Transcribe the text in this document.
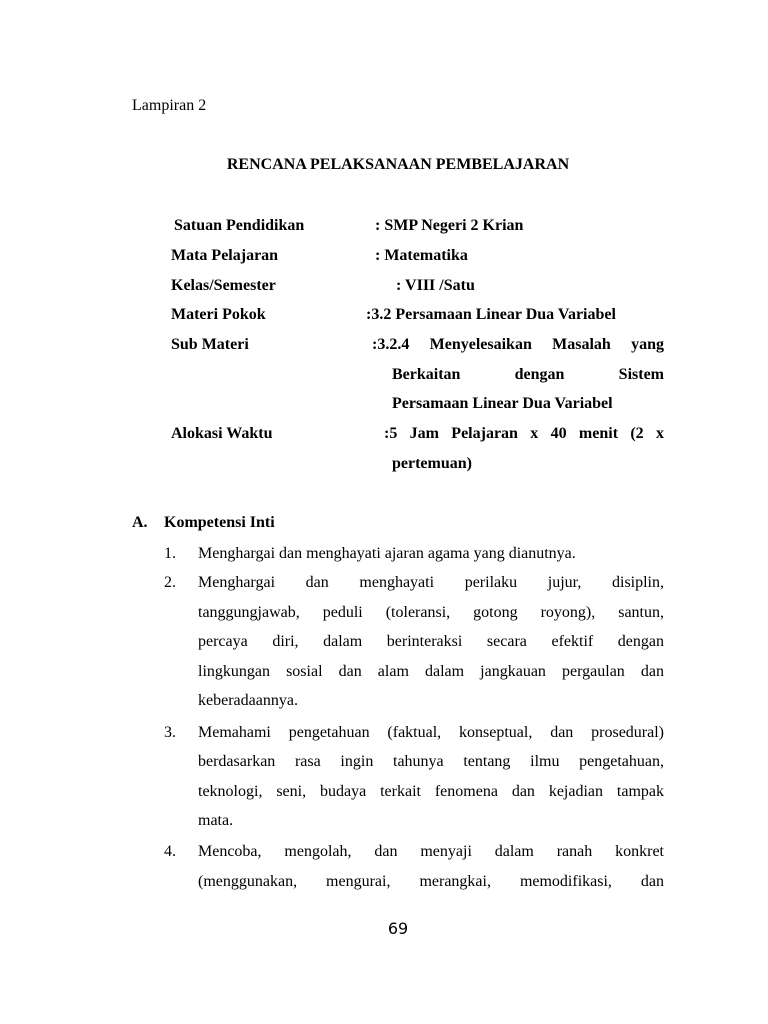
Lampiran 2
RENCANA PELAKSANAAN PEMBELAJARAN
Satuan Pendidikan	: SMP Negeri 2 Krian
Mata Pelajaran	: Matematika
Kelas/Semester	: VIII /Satu
Materi Pokok	:3.2 Persamaan Linear Dua Variabel
Sub Materi	:3.2.4 Menyelesaikan Masalah yang
Berkaitan dengan Sistem
Persamaan Linear Dua Variabel
Alokasi Waktu	:5 Jam Pelajaran x 40 menit (2 x
pertemuan)
A. Kompetensi Inti
1. Menghargai dan menghayati ajaran agama yang dianutnya.
2. Menghargai dan menghayati perilaku jujur, disiplin,
tanggungjawab, peduli (toleransi, gotong royong), santun,
percaya diri, dalam berinteraksi secara efektif dengan
lingkungan sosial dan alam dalam jangkauan pergaulan dan
keberadaannya.
3. Memahami pengetahuan (faktual, konseptual, dan prosedural)
berdasarkan rasa ingin tahunya tentang ilmu pengetahuan,
teknologi, seni, budaya terkait fenomena dan kejadian tampak
mata.
4. Mencoba, mengolah, dan menyaji dalam ranah konkret
(menggunakan, mengurai, merangkai, memodifikasi, dan
69
